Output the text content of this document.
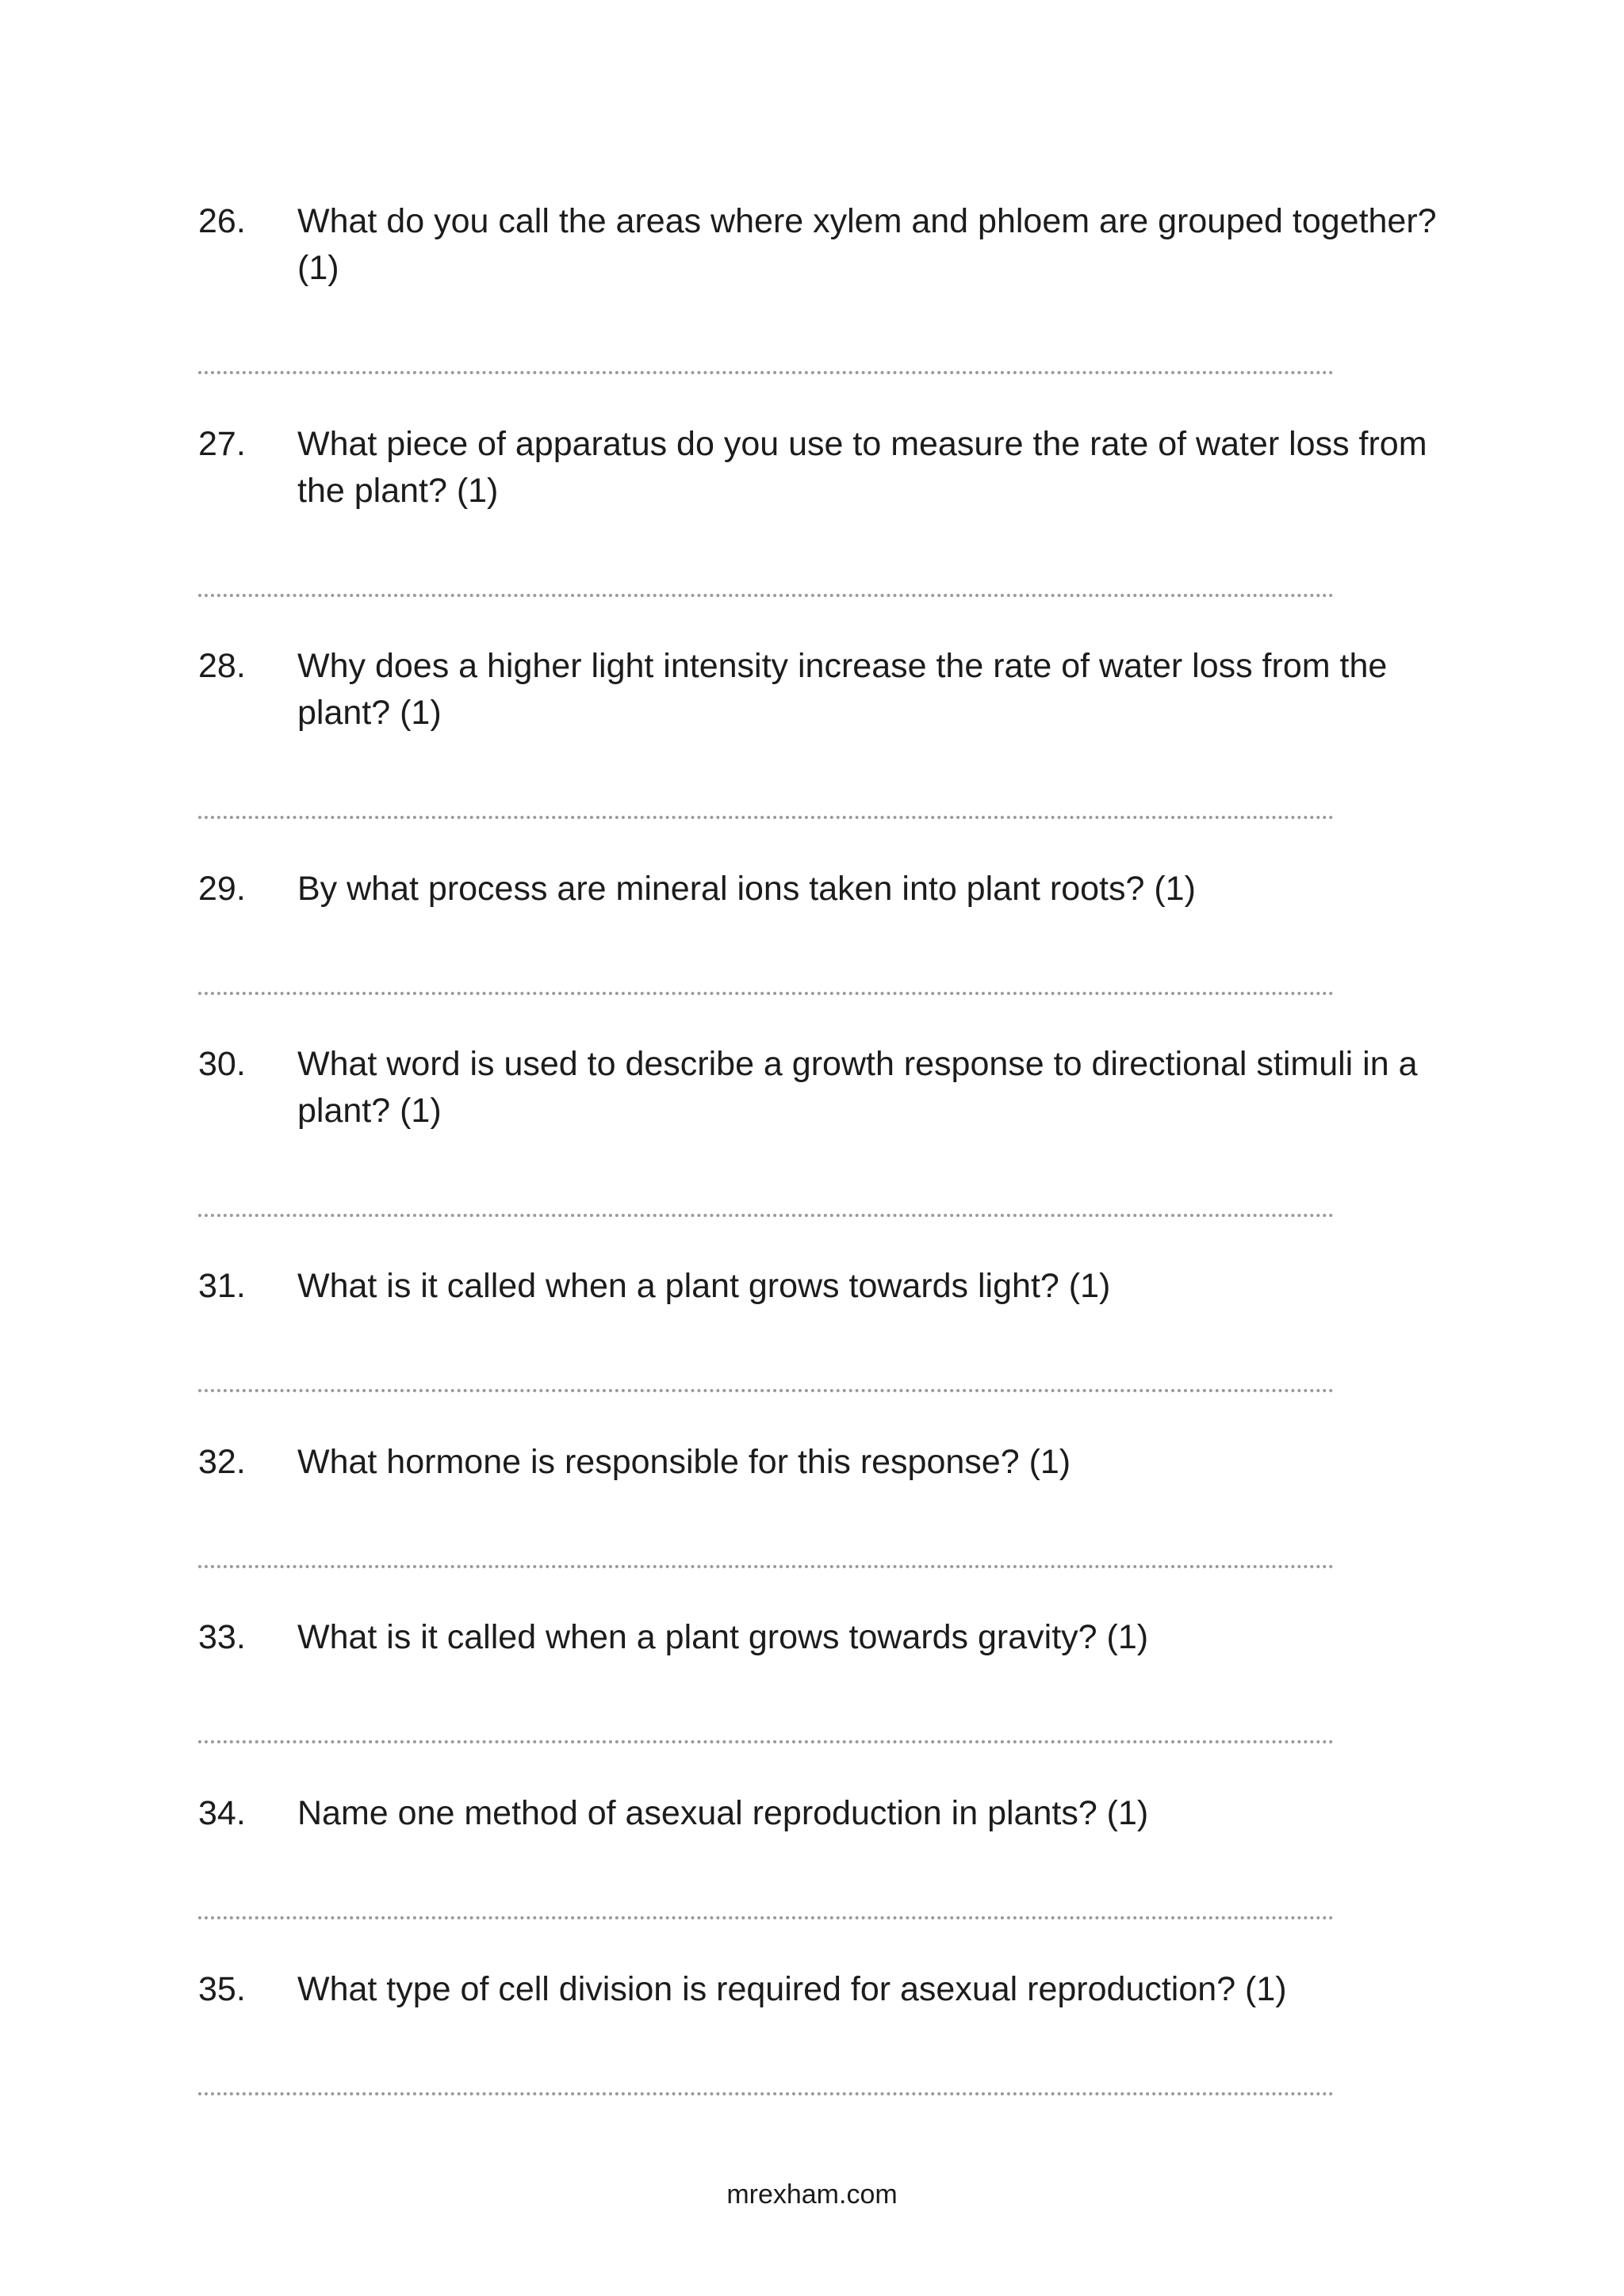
26.	What do you call the areas where xylem and phloem are grouped together? (1)
27.	What piece of apparatus do you use to measure the rate of water loss from the plant? (1)
28.	Why does a higher light intensity increase the rate of water loss from the plant? (1)
29.	By what process are mineral ions taken into plant roots? (1)
30.	What word is used to describe a growth response to directional stimuli in a plant? (1)
31.	What is it called when a plant grows towards light? (1)
32.	What hormone is responsible for this response? (1)
33.	What is it called when a plant grows towards gravity? (1)
34.	Name one method of asexual reproduction in plants? (1)
35.	What type of cell division is required for asexual reproduction? (1)
mrexham.com
